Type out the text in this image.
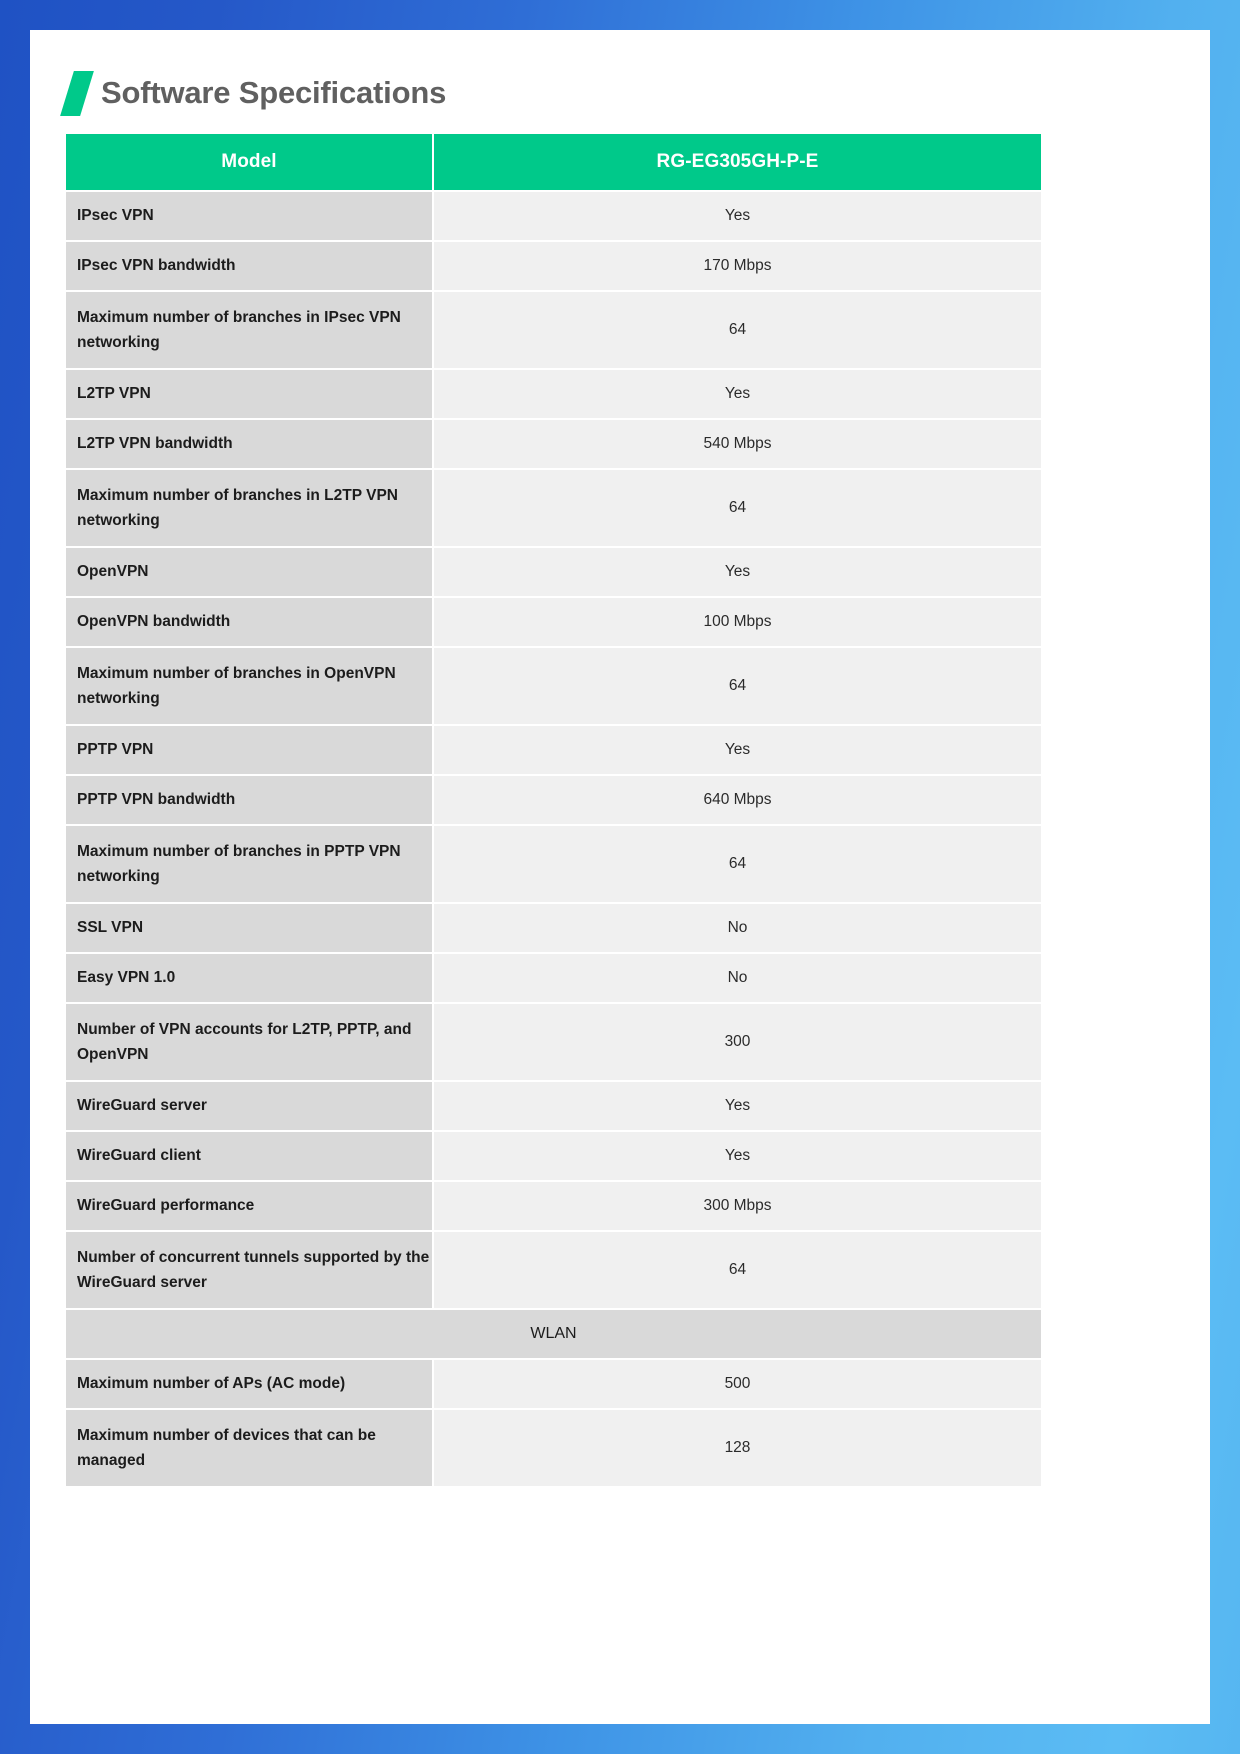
Software Specifications
Model	RG-EG305GH-P-E
IPsec VPN	Yes
IPsec VPN bandwidth	170 Mbps
Maximum number of branches in IPsec VPN networking	64
L2TP VPN	Yes
L2TP VPN bandwidth	540 Mbps
Maximum number of branches in L2TP VPN networking	64
OpenVPN	Yes
OpenVPN bandwidth	100 Mbps
Maximum number of branches in OpenVPN networking	64
PPTP VPN	Yes
PPTP VPN bandwidth	640 Mbps
Maximum number of branches in PPTP VPN networking	64
SSL VPN	No
Easy VPN 1.0	No
Number of VPN accounts for L2TP, PPTP, and OpenVPN	300
WireGuard server	Yes
WireGuard client	Yes
WireGuard performance	300 Mbps
Number of concurrent tunnels supported by the WireGuard server	64
WLAN	
Maximum number of APs (AC mode)	500
Maximum number of devices that can be managed	128
